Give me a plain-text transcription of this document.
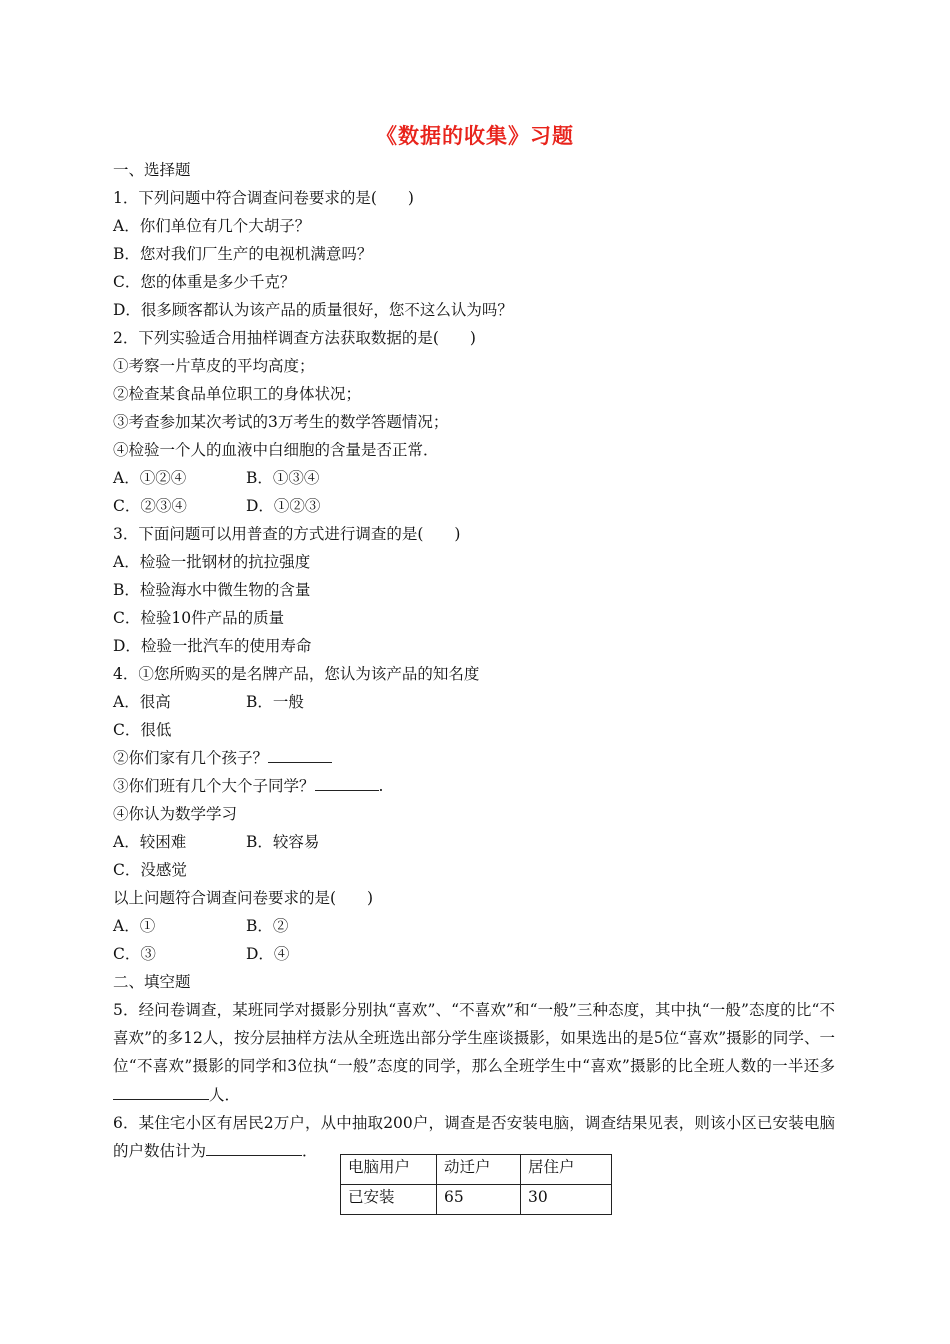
《数据的收集》习题
一、选择题
1．下列问题中符合调查问卷要求的是(　　)
A．你们单位有几个大胡子？
B．您对我们厂生产的电视机满意吗？
C．您的体重是多少千克？
D．很多顾客都认为该产品的质量很好，您不这么认为吗？
2．下列实验适合用抽样调查方法获取数据的是(　　)
①考察一片草皮的平均高度；
②检查某食品单位职工的身体状况；
③考查参加某次考试的3万考生的数学答题情况；
④检验一个人的血液中白细胞的含量是否正常．
A．①②④	B．①③④
C．②③④	D．①②③
3．下面问题可以用普查的方式进行调查的是(　　)
A．检验一批钢材的抗拉强度
B．检验海水中微生物的含量
C．检验10件产品的质量
D．检验一批汽车的使用寿命
4．①您所购买的是名牌产品，您认为该产品的知名度
A．很高	B．一般
C．很低
②你们家有几个孩子？
③你们班有几个大个子同学？	.
④你认为数学学习
A．较困难	B．较容易
C．没感觉
以上问题符合调查问卷要求的是(　　)
A．①	B．②
C．③	D．④
二、填空题
5．经问卷调查，某班同学对摄影分别执“喜欢”、“不喜欢”和“一般”三种态度，其中执“一般”态度的比“不喜欢”的多12人，按分层抽样方法从全班选出部分学生座谈摄影，如果选出的是5位“喜欢”摄影的同学、一位“不喜欢”摄影的同学和3位执“一般”态度的同学，那么全班学生中“喜欢”摄影的比全班人数的一半还多人．
6．某住宅小区有居民2万户，从中抽取200户，调查是否安装电脑，调查结果见表，则该小区已安装电脑的户数估计为	．
电脑用户	动迁户	居住户
已安装	65	30
